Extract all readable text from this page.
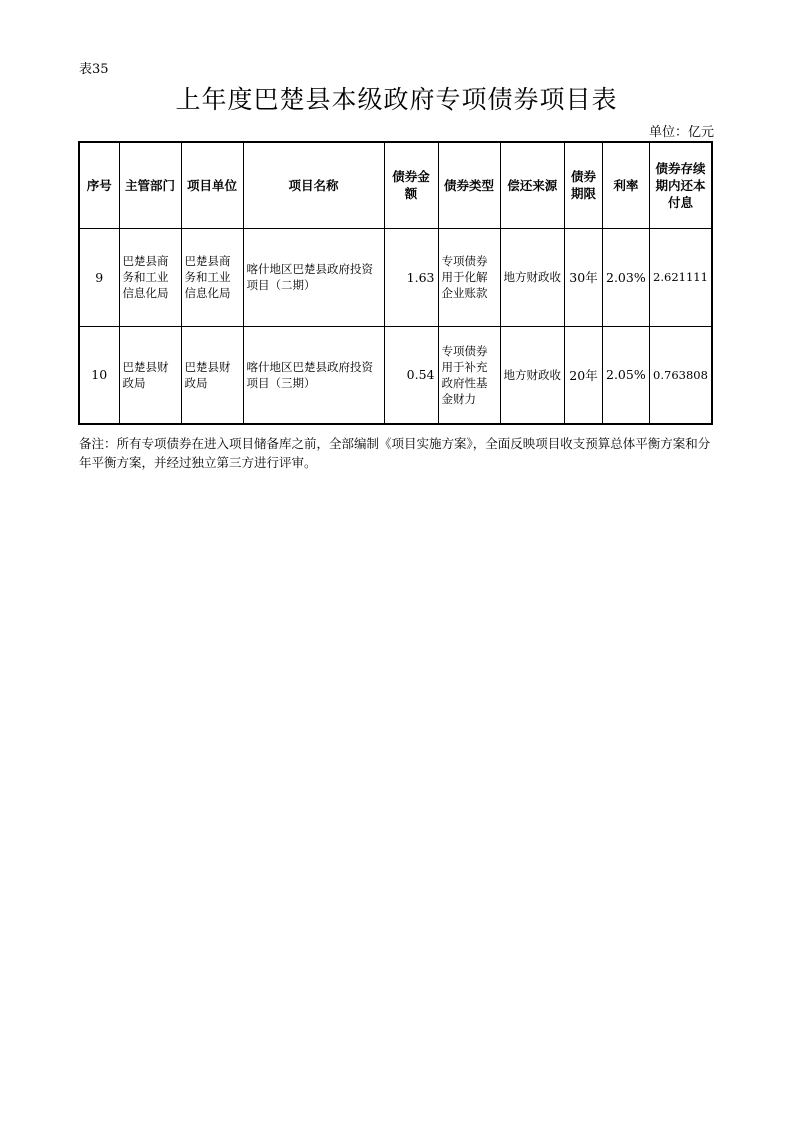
表35
上年度巴楚县本级政府专项债券项目表
单位：亿元
序号	主管部门	项目单位	项目名称	债券金额	债券类型	偿还来源	债券期限	利率	债券存续期内还本付息
9	巴楚县商务和工业信息化局	巴楚县商务和工业信息化局	喀什地区巴楚县政府投资项目（二期）	1.63	专项债券用于化解企业账款	地方财政收	30年	2.03%	2.621111
10	巴楚县财政局	巴楚县财政局	喀什地区巴楚县政府投资项目（三期）	0.54	专项债券用于补充政府性基金财力	地方财政收	20年	2.05%	0.763808
备注：所有专项债券在进入项目储备库之前，全部编制《项目实施方案》，全面反映项目收支预算总体平衡方案和分年平衡方案，并经过独立第三方进行评审。
